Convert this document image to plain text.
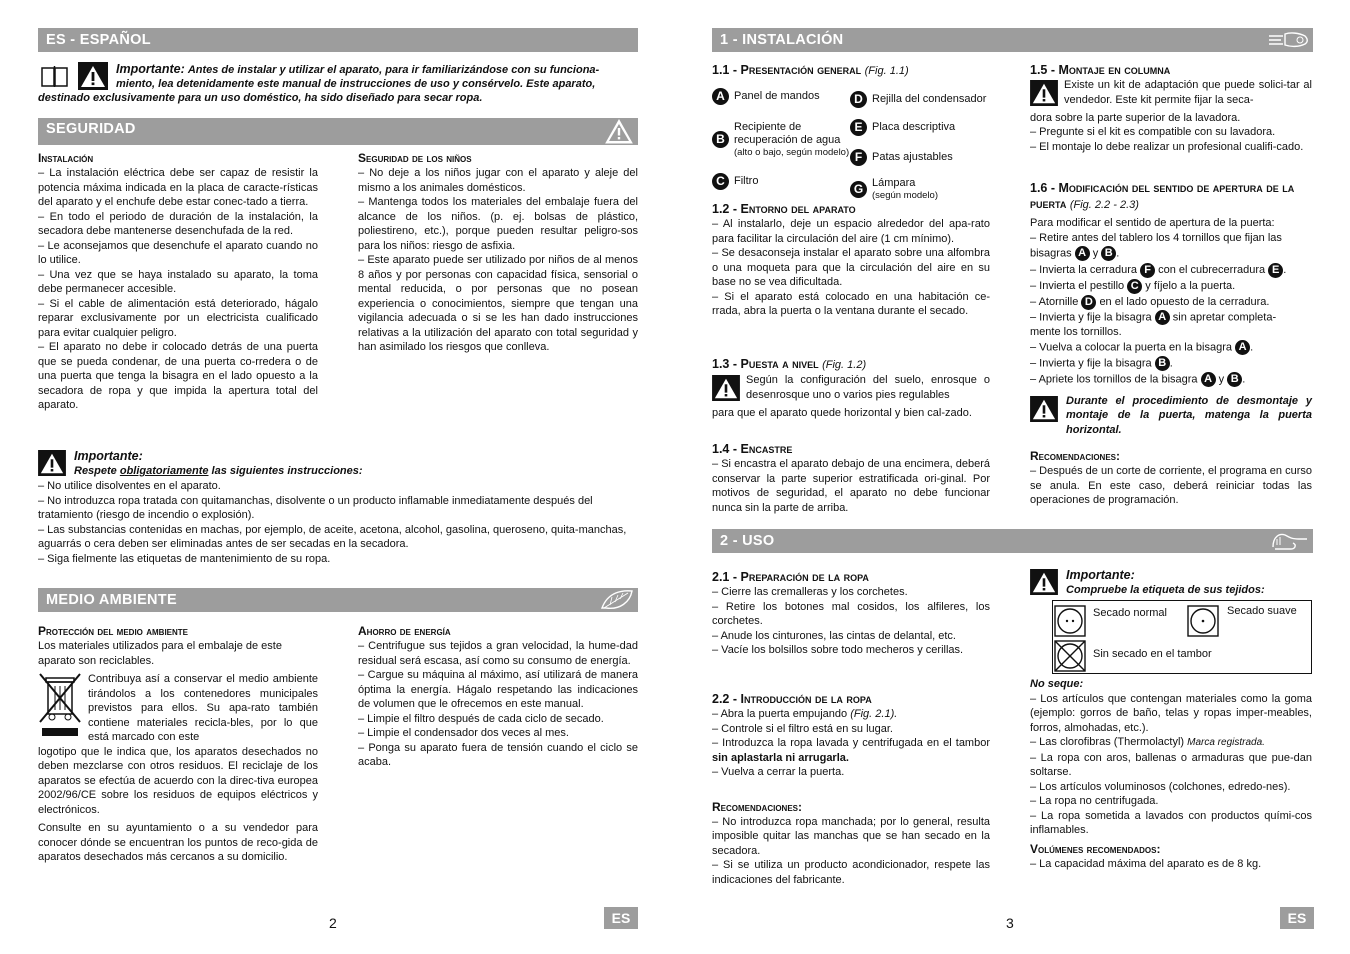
ES - ESPAÑOL
Importante: Antes de instalar y utilizar el aparato, para ir familiarizándose con su funciona-
miento, lea detenidamente este manual de instrucciones de uso y consérvelo. Este aparato,
destinado exclusivamente para un uso doméstico, ha sido diseñado para secar ropa.
SEGURIDAD

Instalación

– La instalación eléctrica debe ser capaz de resistir la potencia máxima indicada en la placa de caracte-rísticas del aparato y el enchufe debe estar conec-tado a tierra.

– En todo el periodo de duración de la instalación, la secadora debe mantenerse desenchufada de la red.

– Le aconsejamos que desenchufe el aparato cuando no lo utilice.

– Una vez que se haya instalado su aparato, la toma debe permanecer accesible.

– Si el cable de alimentación está deteriorado, hágalo reparar exclusivamente por un electricista cualificado para evitar cualquier peligro.

– El aparato no debe ir colocado detrás de una puerta que se pueda condenar, de una puerta co-rredera o de una puerta que tenga la bisagra en el lado opuesto a la secadora de ropa y que impida la apertura total del aparato.

Seguridad de los niños

– No deje a los niños jugar con el aparato y aleje del mismo a los animales domésticos.

– Mantenga todos los materiales del embalaje fuera del alcance de los niños. (p. ej. bolsas de plástico, poliestireno, etc.), porque pueden resultar peligro-sos para los niños: riesgo de asfixia.

– Este aparato puede ser utilizado por niños de al menos 8 años y por personas con capacidad física, sensorial o mental reducida, o por personas que no posean experiencia o conocimientos, siempre que tengan una vigilancia adecuada o si se les han dado instrucciones relativas a la utilización del aparato con total seguridad y han asimilado los riesgos que conlleva.

Importante:
Respete obligatoriamente las siguientes instrucciones:

– No utilice disolventes en el aparato.

– No introduzca ropa tratada con quitamanchas, disolvente o un producto inflamable inmediatamente después del tratamiento (riesgo de incendio o explosión).

– Las substancias contenidas en machas, por ejemplo, de aceite, acetona, alcohol, gasolina, queroseno, quita-manchas, aguarrás o cera deben ser eliminadas antes de ser secadas en la secadora.

– Siga fielmente las etiquetas de mantenimiento de su ropa.

MEDIO AMBIENTE

Protección del medio ambiente

Los materiales utilizados para el embalaje de este aparato son reciclables.

Contribuya así a conservar el medio ambiente tirándolos a los contenedores municipales previstos para ellos. Su apa-rato también contiene materiales recicla-bles, por lo que está marcado con este

logotipo que le indica que, los aparatos desechados no deben mezclarse con otros residuos. El reciclaje de los aparatos se efectúa de acuerdo con la direc-tiva europea 2002/96/CE sobre los residuos de equipos eléctricos y electrónicos.

Consulte en su ayuntamiento o a su vendedor para conocer dónde se encuentran los puntos de reco-gida de aparatos desechados más cercanos a su domicilio.

Ahorro de energía

– Centrifugue sus tejidos a gran velocidad, la hume-dad residual será escasa, así como su consumo de energía.

– Cargue su máquina al máximo, así utilizará de manera óptima la energía. Hágalo respetando las indicaciones de volumen que le ofrecemos en este manual.

– Limpie el filtro después de cada ciclo de secado.

– Limpie el condensador dos veces al mes.

– Ponga su aparato fuera de tensión cuando el ciclo se acaba.

2	ES
1 - INSTALACIÓN

1.1 - Presentación general (Fig. 1.1)

A	Panel de mandos
B	Recipiente de recuperación de agua
(alto o bajo, según modelo)

C	Filtro
D	Rejilla del condensador
E	Placa descriptiva
F	Patas ajustables
G	Lámpara
(según modelo)

1.2 - Entorno del aparato

– Al instalarlo, deje un espacio alrededor del apa-rato para facilitar la circulación del aire (1 cm mínimo).

– Se desaconseja instalar el aparato sobre una alfombra o una moqueta para que la circulación del aire en su base no se vea dificultada.

– Si el aparato está colocado en una habitación ce-rrada, abra la puerta o la ventana durante el secado.

1.3 - Puesta a nivel (Fig. 1.2)

Según la configuración del suelo, enrosque o desenrosque uno o varios pies regulables

para que el aparato quede horizontal y bien cal-zado.

1.4 - Encastre

– Si encastra el aparato debajo de una encimera, deberá conservar la parte superior estratificada ori-ginal. Por motivos de seguridad, el aparato no debe funcionar nunca sin la parte de arriba.

1.5 - Montaje en columna

Existe un kit de adaptación que puede solici-tar al vendedor. Este kit permite fijar la seca-

dora sobre la parte superior de la lavadora.

– Pregunte si el kit es compatible con su lavadora.

– El montaje lo debe realizar un profesional cualifi-cado.

1.6 - Modificación del sentido de apertura de la puerta (Fig. 2.2 - 2.3)

Para modificar el sentido de apertura de la puerta:

– Retire antes del tablero los 4 tornillos que fijan las bisagras A y B .

– Invierta la cerradura F con el cubrecerradura E .

– Invierta el pestillo C y fíjelo a la puerta.

– Atornille D en el lado opuesto de la cerradura.

– Invierta y fije la bisagra A sin apretar completa-

mente los tornillos.

– Vuelva a colocar la puerta en la bisagra A .

– Invierta y fije la bisagra B .

– Apriete los tornillos de la bisagra A y B .

Durante el procedimiento de desmontaje y montaje de la puerta, matenga la puerta horizontal.

Recomendaciones:

– Después de un corte de corriente, el programa en curso se anula. En este caso, deberá reiniciar todas las operaciones de programación.

2 - USO

2.1 - Preparación de la ropa

– Cierre las cremalleras y los corchetes.

– Retire los botones mal cosidos, los alfileres, los corchetes.

– Anude los cinturones, las cintas de delantal, etc.

– Vacíe los bolsillos sobre todo mecheros y cerillas.

2.2 - Introducción de la ropa

– Abra la puerta empujando (Fig. 2.1).

– Controle si el filtro está en su lugar.

– Introduzca la ropa lavada y centrifugada en el tambor sin aplastarla ni arrugarla.

– Vuelva a cerrar la puerta.

Recomendaciones:

– No introduzca ropa manchada; por lo general, resulta imposible quitar las manchas que se han secado en la secadora.

– Si se utiliza un producto acondicionador, respete las indicaciones del fabricante.

Importante:
Compruebe la etiqueta de sus tejidos:
Secado normal	Secado suave
Sin secado en el tambor

No seque:

– Los artículos que contengan materiales como la goma (ejemplo: gorros de baño, telas y ropas imper-meables, forros, almohadas, etc.).

– Las clorofibras (Thermolactyl) Marca registrada.

– La ropa con aros, ballenas o armaduras que pue-dan soltarse.

– Los artículos voluminosos (colchones, edredo-nes).

– La ropa no centrifugada.

– La ropa sometida a lavados con productos quími-cos inflamables.

Volúmenes recomendados:

– La capacidad máxima del aparato es de 8 kg.

3	ES
